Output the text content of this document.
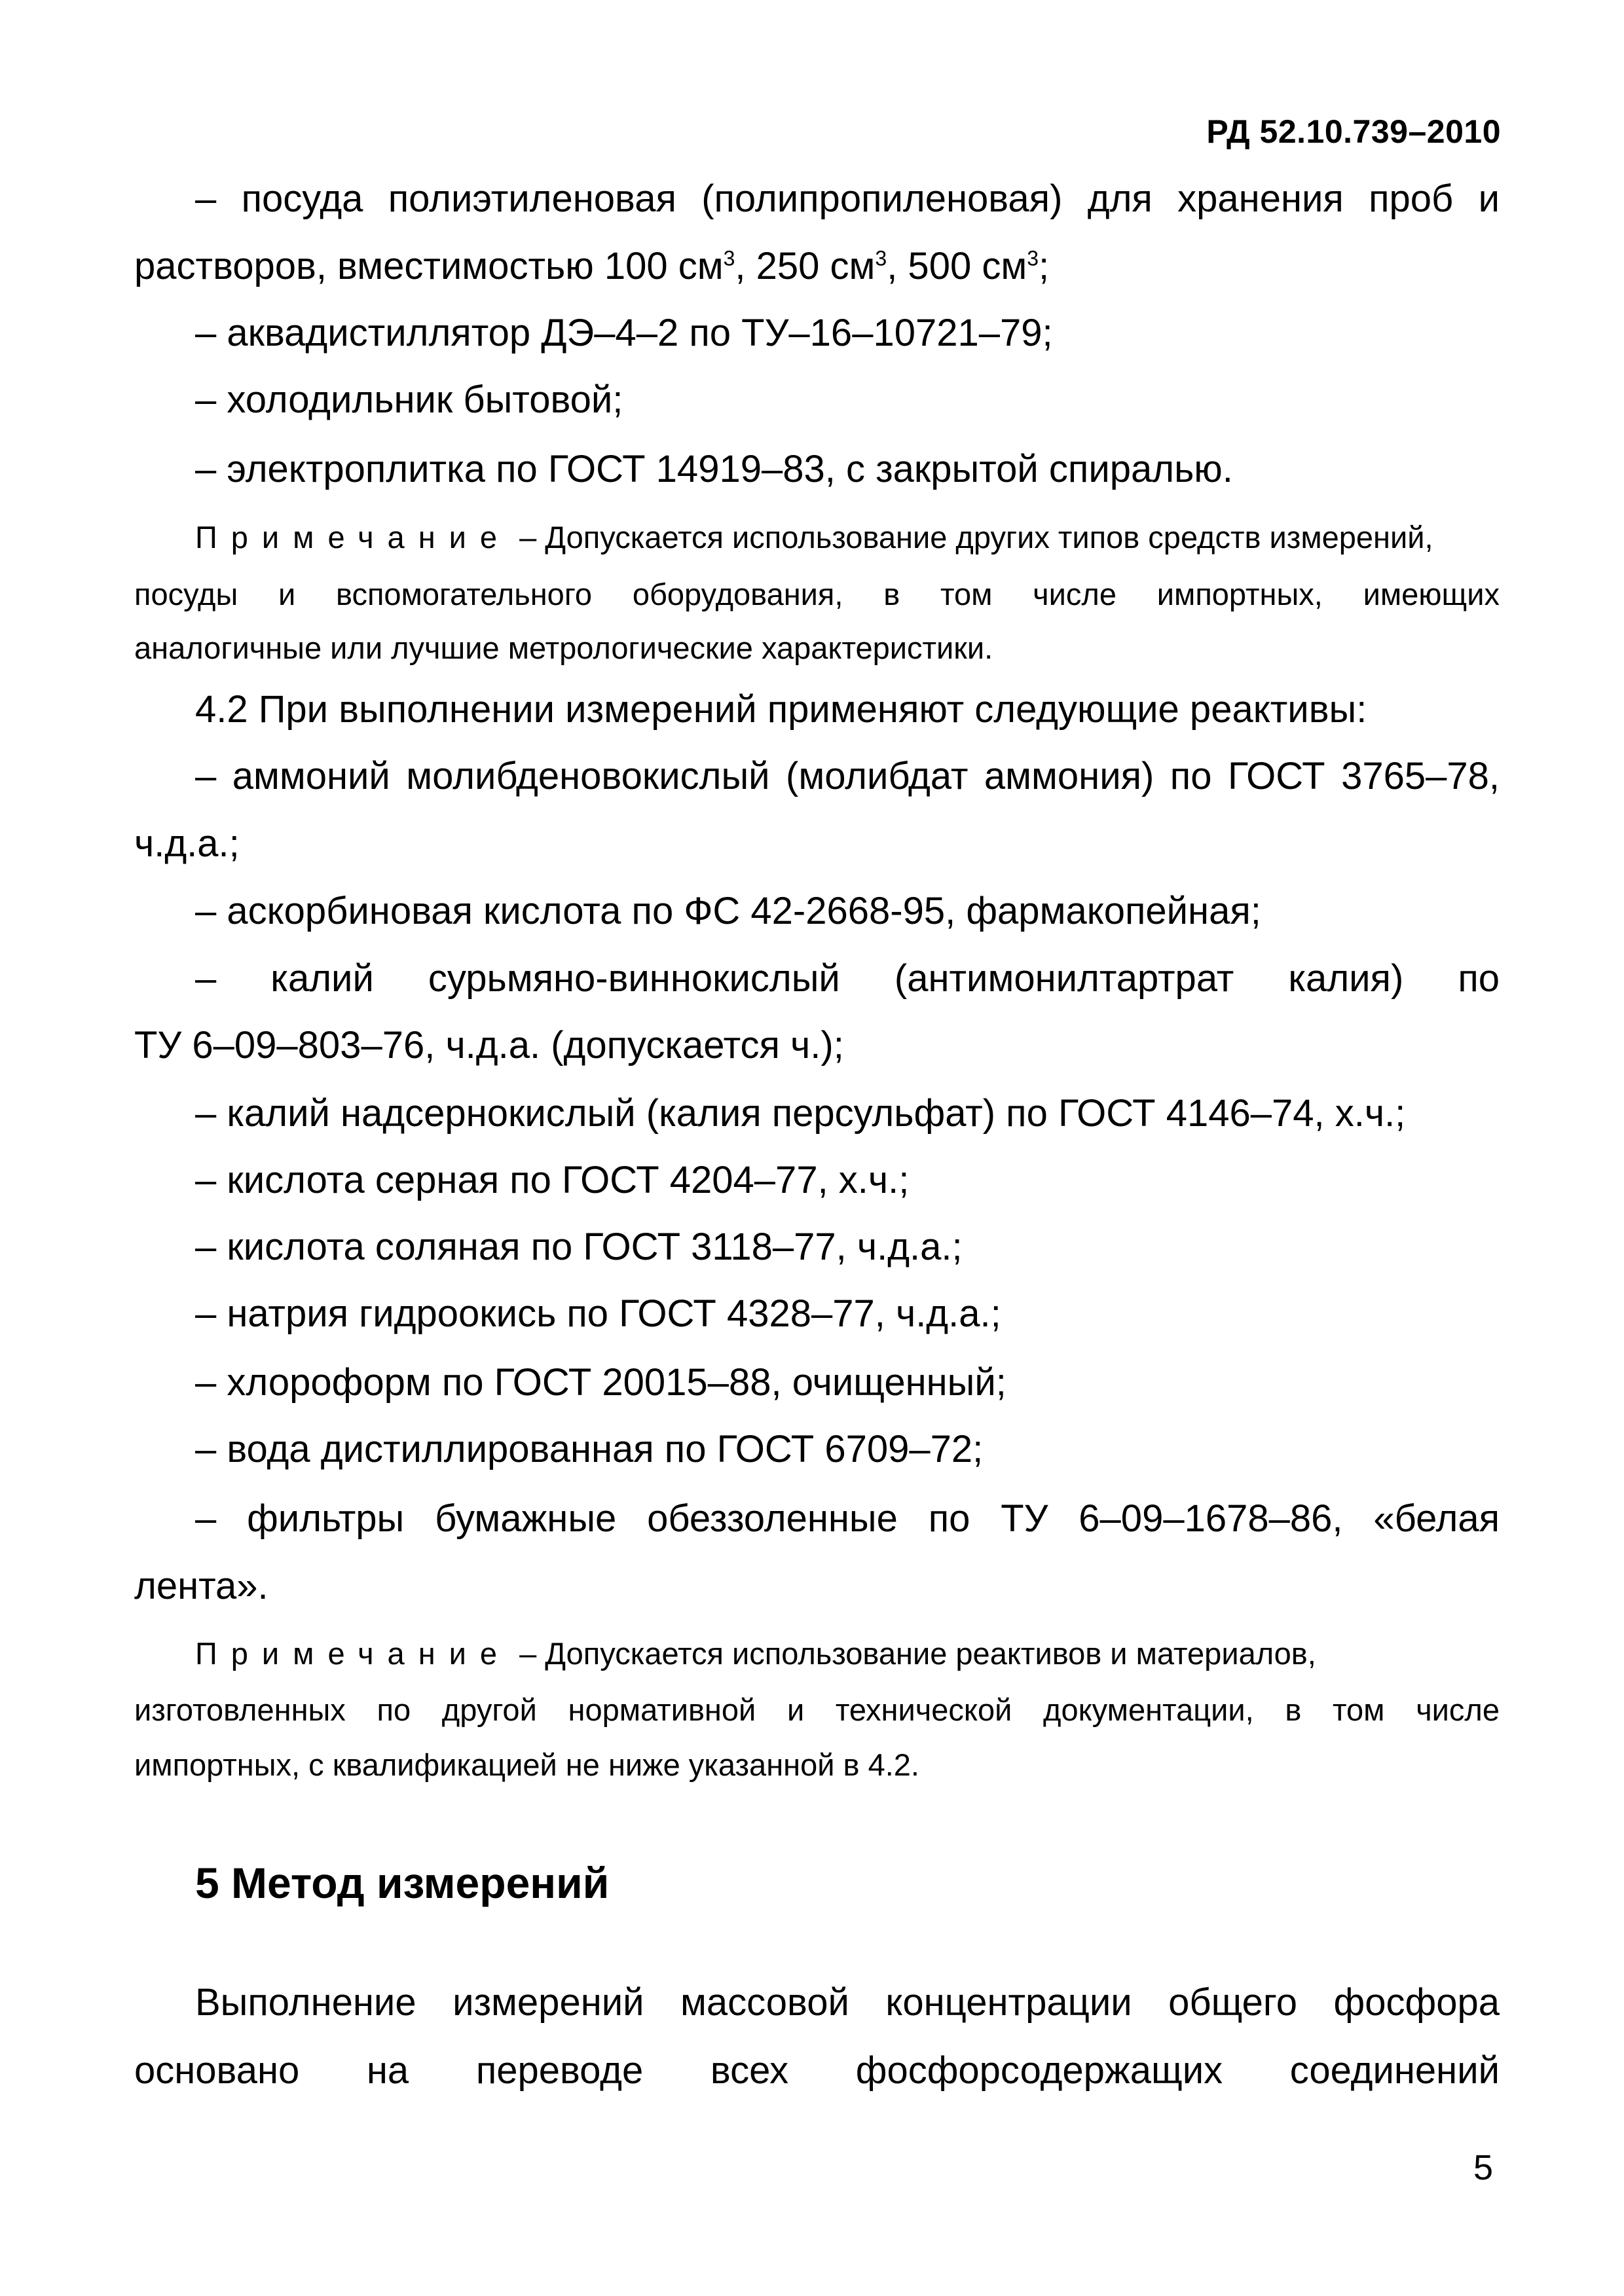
РД 52.10.739–2010
– посуда полиэтиленовая (полипропиленовая) для хранения проб и
растворов, вместимостью 100 $см^3$, 250 $см^3$, 500 $см^3$;
– аквадистиллятор ДЭ–4–2 по ТУ–16–10721–79;
– холодильник бытовой;
– электроплитка по ГОСТ 14919–83, с закрытой спиралью.
Примечание – Допускается использование других типов средств измерений,
посуды и вспомогательного оборудования, в том числе импортных, имеющих
аналогичные или лучшие метрологические характеристики.
4.2 При выполнении измерений применяют следующие реактивы:
– аммоний молибденовокислый (молибдат аммония) по ГОСТ 3765–78,
ч.д.а.;
– аскорбиновая кислота по ФС 42-2668-95, фармакопейная;
– калий сурьмяно-виннокислый (антимонилтартрат калия) по
ТУ 6–09–803–76, ч.д.а. (допускается ч.);
– калий надсернокислый (калия персульфат) по ГОСТ 4146–74, х.ч.;
– кислота серная по ГОСТ 4204–77, х.ч.;
– кислота соляная по ГОСТ 3118–77, ч.д.а.;
– натрия гидроокись по ГОСТ 4328–77, ч.д.а.;
– хлороформ по ГОСТ 20015–88, очищенный;
– вода дистиллированная по ГОСТ 6709–72;
– фильтры бумажные обеззоленные по ТУ 6–09–1678–86, «белая
лента».
Примечание – Допускается использование реактивов и материалов,
изготовленных по другой нормативной и технической документации, в том числе
импортных, с квалификацией не ниже указанной в 4.2.
5 Метод измерений
Выполнение измерений массовой концентрации общего фосфора
основано на переводе всех фосфорсодержащих соединений
5
